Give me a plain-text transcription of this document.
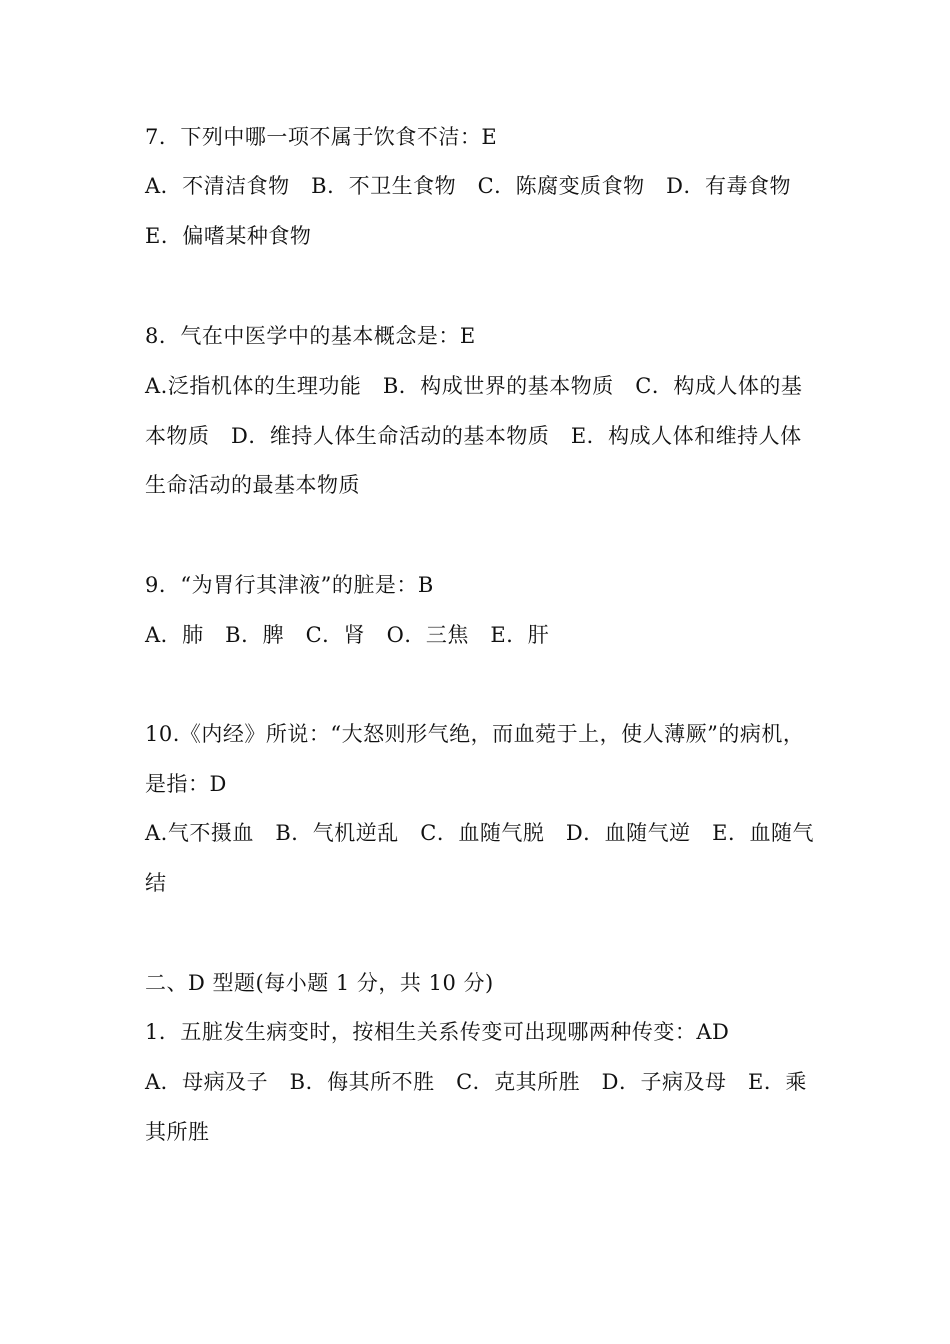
7．下列中哪一项不属于饮食不洁：E
A．不清洁食物　B．不卫生食物　C．陈腐变质食物　D．有毒食物
E．偏嗜某种食物
8．气在中医学中的基本概念是：E
A.泛指机体的生理功能　B．构成世界的基本物质　C．构成人体的基
本物质　D．维持人体生命活动的基本物质　E．构成人体和维持人体
生命活动的最基本物质
9．“为胃行其津液”的脏是：B
A．肺　B．脾　C．肾　O．三焦　E．肝
10.《内经》所说：“大怒则形气绝，而血菀于上，使人薄厥”的病机，
是指：D
A.气不摄血　B．气机逆乱　C．血随气脱　D．血随气逆　E．血随气
结
二、D 型题(每小题 1 分，共 10 分)
1．五脏发生病变时，按相生关系传变可出现哪两种传变：AD
A．母病及子　B．侮其所不胜　C．克其所胜　D．子病及母　E．乘
其所胜
